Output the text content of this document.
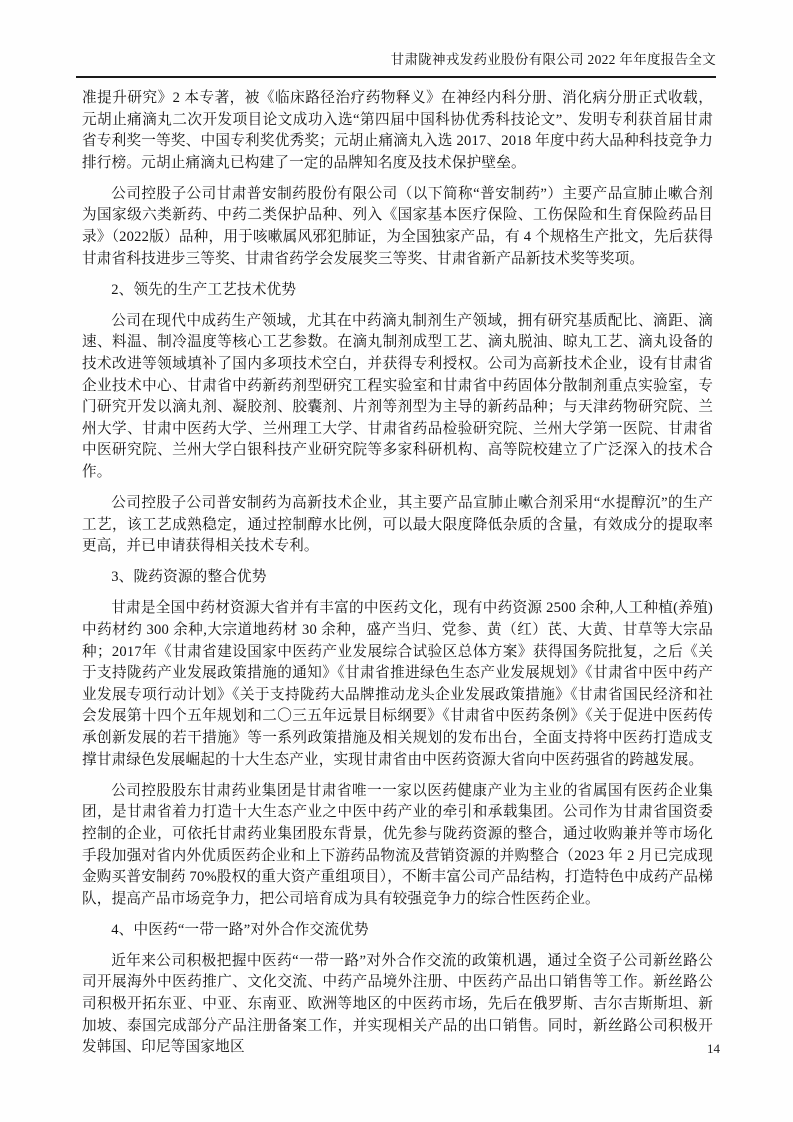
甘肃陇神戎发药业股份有限公司 2022 年年度报告全文

准提升研究》2 本专著，被《临床路径治疗药物释义》在神经内科分册、消化病分册正式收载，元胡止痛滴丸二次开发项目论文成功入选“第四届中国科协优秀科技论文”、发明专利获首届甘肃省专利奖一等奖、中国专利奖优秀奖；元胡止痛滴丸入选 2017、2018 年度中药大品种科技竞争力排行榜。元胡止痛滴丸已构建了一定的品牌知名度及技术保护壁垒。

公司控股子公司甘肃普安制药股份有限公司（以下简称“普安制药”）主要产品宣肺止嗽合剂为国家级六类新药、中药二类保护品种、列入《国家基本医疗保险、工伤保险和生育保险药品目录》（2022版）品种，用于咳嗽属风邪犯肺证，为全国独家产品，有 4 个规格生产批文，先后获得甘肃省科技进步三等奖、甘肃省药学会发展奖三等奖、甘肃省新产品新技术奖等奖项。

2、领先的生产工艺技术优势

公司在现代中成药生产领域，尤其在中药滴丸制剂生产领域，拥有研究基质配比、滴距、滴速、料温、制冷温度等核心工艺参数。在滴丸制剂成型工艺、滴丸脱油、晾丸工艺、滴丸设备的技术改进等领域填补了国内多项技术空白，并获得专利授权。公司为高新技术企业，设有甘肃省企业技术中心、甘肃省中药新药剂型研究工程实验室和甘肃省中药固体分散制剂重点实验室，专门研究开发以滴丸剂、凝胶剂、胶囊剂、片剂等剂型为主导的新药品种；与天津药物研究院、兰州大学、甘肃中医药大学、兰州理工大学、甘肃省药品检验研究院、兰州大学第一医院、甘肃省中医研究院、兰州大学白银科技产业研究院等多家科研机构、高等院校建立了广泛深入的技术合作。

公司控股子公司普安制药为高新技术企业，其主要产品宣肺止嗽合剂采用“水提醇沉”的生产工艺，该工艺成熟稳定，通过控制醇水比例，可以最大限度降低杂质的含量，有效成分的提取率更高，并已申请获得相关技术专利。

3、陇药资源的整合优势

甘肃是全国中药材资源大省并有丰富的中医药文化，现有中药资源 2500 余种,人工种植(养殖)中药材约 300 余种,大宗道地药材 30 余种，盛产当归、党参、黄（红）芪、大黄、甘草等大宗品种；2017年《甘肃省建设国家中医药产业发展综合试验区总体方案》获得国务院批复，之后《关于支持陇药产业发展政策措施的通知》《甘肃省推进绿色生态产业发展规划》《甘肃省中医中药产业发展专项行动计划》《关于支持陇药大品牌推动龙头企业发展政策措施》《甘肃省国民经济和社会发展第十四个五年规划和二〇三五年远景目标纲要》《甘肃省中医药条例》《关于促进中医药传承创新发展的若干措施》等一系列政策措施及相关规划的发布出台，全面支持将中医药打造成支撑甘肃绿色发展崛起的十大生态产业，实现甘肃省由中医药资源大省向中医药强省的跨越发展。

公司控股股东甘肃药业集团是甘肃省唯一一家以医药健康产业为主业的省属国有医药企业集团，是甘肃省着力打造十大生态产业之中医中药产业的牵引和承载集团。公司作为甘肃省国资委控制的企业，可依托甘肃药业集团股东背景，优先参与陇药资源的整合，通过收购兼并等市场化手段加强对省内外优质医药企业和上下游药品物流及营销资源的并购整合（2023 年 2 月已完成现金购买普安制药 70%股权的重大资产重组项目），不断丰富公司产品结构，打造特色中成药产品梯队，提高产品市场竞争力，把公司培育成为具有较强竞争力的综合性医药企业。

4、中医药“一带一路”对外合作交流优势

近年来公司积极把握中医药“一带一路”对外合作交流的政策机遇，通过全资子公司新丝路公司开展海外中医药推广、文化交流、中药产品境外注册、中医药产品出口销售等工作。新丝路公司积极开拓东亚、中亚、东南亚、欧洲等地区的中医药市场，先后在俄罗斯、吉尔吉斯斯坦、新加坡、泰国完成部分产品注册备案工作，并实现相关产品的出口销售。同时，新丝路公司积极开发韩国、印尼等国家地区	14
